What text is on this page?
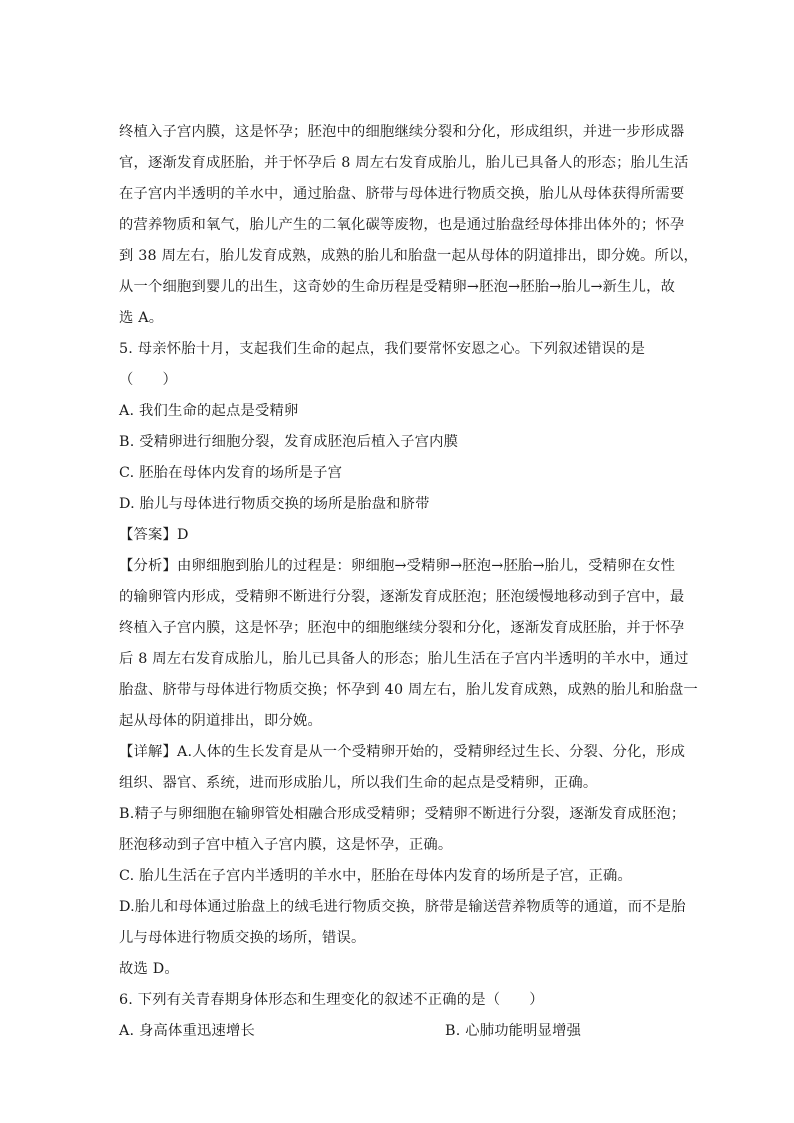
终植入子宫内膜，这是怀孕；胚泡中的细胞继续分裂和分化，形成组织，并进一步形成器
官，逐渐发育成胚胎，并于怀孕后 8 周左右发育成胎儿，胎儿已具备人的形态；胎儿生活
在子宫内半透明的羊水中，通过胎盘、脐带与母体进行物质交换，胎儿从母体获得所需要
的营养物质和氧气，胎儿产生的二氧化碳等废物，也是通过胎盘经母体排出体外的；怀孕
到 38 周左右，胎儿发育成熟，成熟的胎儿和胎盘一起从母体的阴道排出，即分娩。所以，
从一个细胞到婴儿的出生，这奇妙的生命历程是受精卵→胚泡→胚胎→胎儿→新生儿，故
选 A。
5. 母亲怀胎十月，支起我们生命的起点，我们要常怀安恩之心。下列叙述错误的是
（　　）
A. 我们生命的起点是受精卵
B. 受精卵进行细胞分裂，发育成胚泡后植入子宫内膜
C. 胚胎在母体内发育的场所是子宫
D. 胎儿与母体进行物质交换的场所是胎盘和脐带
【答案】D
【分析】由卵细胞到胎儿的过程是：卵细胞→受精卵→胚泡→胚胎→胎儿，受精卵在女性
的输卵管内形成，受精卵不断进行分裂，逐渐发育成胚泡；胚泡缓慢地移动到子宫中，最
终植入子宫内膜，这是怀孕；胚泡中的细胞继续分裂和分化，逐渐发育成胚胎，并于怀孕
后 8 周左右发育成胎儿，胎儿已具备人的形态；胎儿生活在子宫内半透明的羊水中，通过
胎盘、脐带与母体进行物质交换；怀孕到 40 周左右，胎儿发育成熟，成熟的胎儿和胎盘一
起从母体的阴道排出，即分娩。
【详解】A.人体的生长发育是从一个受精卵开始的，受精卵经过生长、分裂、分化，形成
组织、器官、系统，进而形成胎儿，所以我们生命的起点是受精卵，正确。
B.精子与卵细胞在输卵管处相融合形成受精卵；受精卵不断进行分裂，逐渐发育成胚泡；
胚泡移动到子宫中植入子宫内膜，这是怀孕，正确。
C. 胎儿生活在子宫内半透明的羊水中，胚胎在母体内发育的场所是子宫，正确。
D.胎儿和母体通过胎盘上的绒毛进行物质交换，脐带是输送营养物质等的通道，而不是胎
儿与母体进行物质交换的场所，错误。
故选 D。
6. 下列有关青春期身体形态和生理变化的叙述不正确的是（　　）
A. 身高体重迅速增长	B. 心肺功能明显增强
